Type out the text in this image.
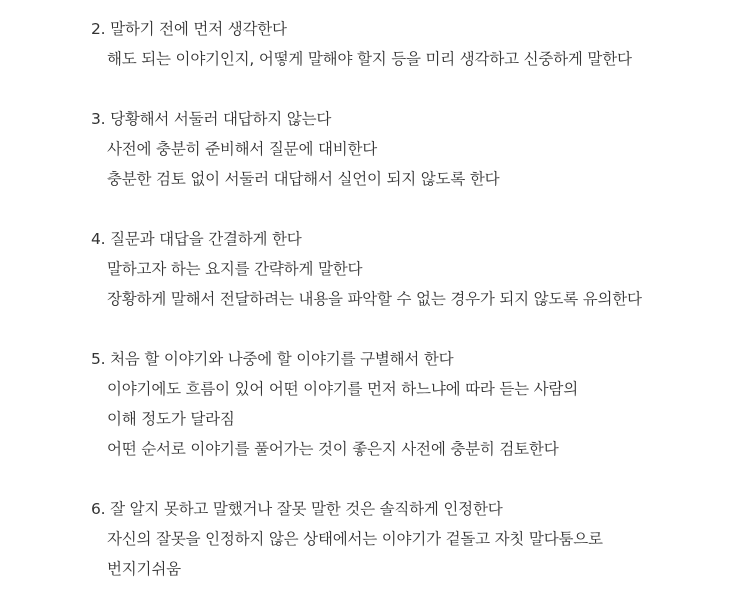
2. 말하기 전에 먼저 생각한다
해도 되는 이야기인지, 어떻게 말해야 할지 등을 미리 생각하고 신중하게 말한다
3. 당황해서 서둘러 대답하지 않는다
사전에 충분히 준비해서 질문에 대비한다
충분한 검토 없이 서둘러 대답해서 실언이 되지 않도록 한다
4. 질문과 대답을 간결하게 한다
말하고자 하는 요지를 간략하게 말한다
장황하게 말해서 전달하려는 내용을 파악할 수 없는 경우가 되지 않도록 유의한다
5. 처음 할 이야기와 나중에 할 이야기를 구별해서 한다
이야기에도 흐름이 있어 어떤 이야기를 먼저 하느냐에 따라 듣는 사람의
이해 정도가 달라짐
어떤 순서로 이야기를 풀어가는 것이 좋은지 사전에 충분히 검토한다
6. 잘 알지 못하고 말했거나 잘못 말한 것은 솔직하게 인정한다
자신의 잘못을 인정하지 않은 상태에서는 이야기가 겉돌고 자칫 말다툼으로
번지기쉬움
